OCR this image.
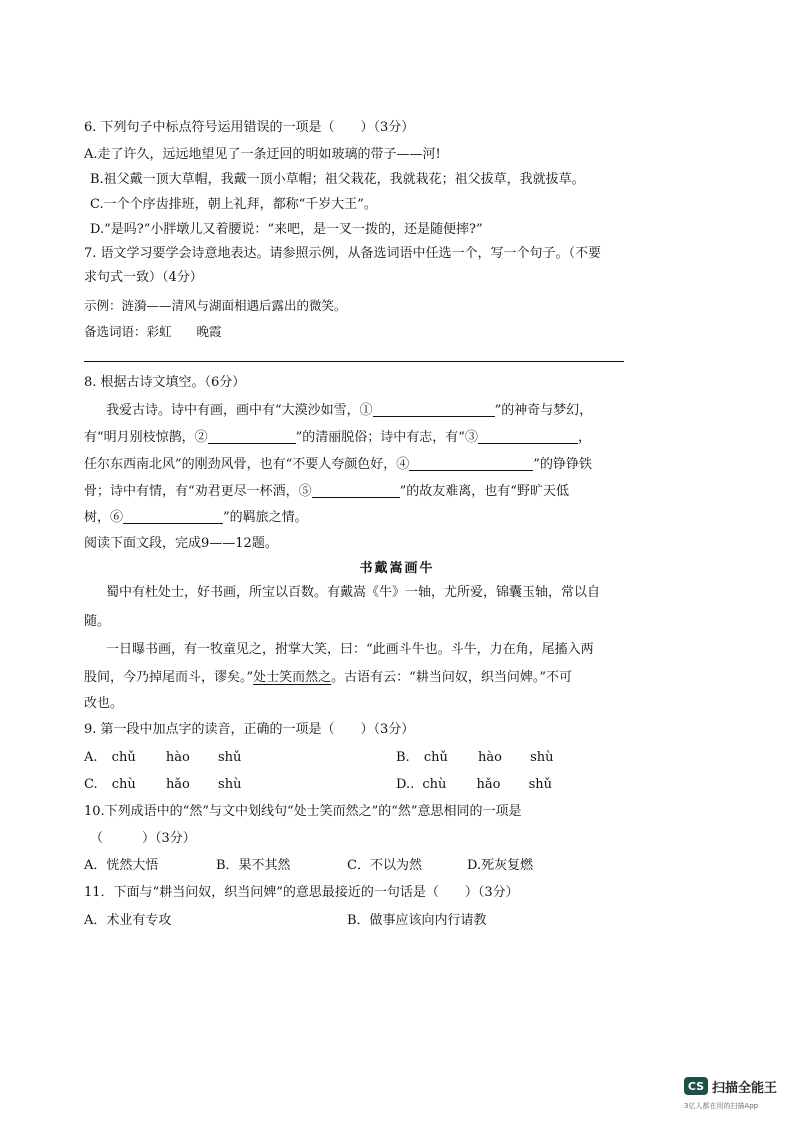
6. 下列句子中标点符号运用错误的一项是（　　）（3分）
A.走了许久，远远地望见了一条迂回的明如玻璃的带子——河!
B.祖父戴一顶大草帽，我戴一顶小草帽；祖父栽花，我就栽花；祖父拔草，我就拔草。
C.一个个序齿排班，朝上礼拜，都称“千岁大王”。
D.“是吗?”小胖墩儿又着腰说：“来吧，是一叉一拨的，还是随便摔?”
7. 语文学习要学会诗意地表达。请参照示例，从备选词语中任选一个，写一个句子。（不要
求句式一致）（4分）
示例：涟漪——清风与湖面相遇后露出的微笑。
备选词语：彩虹　　晚霞
8. 根据古诗文填空。（6分）
我爱古诗。诗中有画，画中有“大漠沙如雪，①	”的神奇与梦幻，
有“明月别枝惊鹊，②	”的清丽脱俗；诗中有志，有“③	，
任尔东西南北风”的刚劲风骨，也有“不要人夸颜色好，④	”的铮铮铁
骨；诗中有情，有“劝君更尽一杯酒，⑤	”的故友难离，也有“野旷天低
树，⑥	”的羁旅之情。
阅读下面文段，完成9——12题。
书戴嵩画牛
蜀中有杜处士，好书画，所宝以百数。有戴嵩《牛》一轴，尤所爱，锦囊玉轴，常以自
随。
一日曝书画，有一牧童见之，拊掌大笑，曰：“此画斗牛也。斗牛，力在角，尾搐入两
股间，今乃掉尾而斗，谬矣。”处士笑而然之。古语有云：“耕当问奴，织当问婢。”不可
改也。
9. 第一段中加点字的读音，正确的一项是（　　）（3分）
A. chǔ hào shǔ	B. chǔ hào shù
C. chù hǎo shù	D.. chù hǎo shǔ
10.下列成语中的“然”与文中划线句“处士笑而然之”的“然”意思相同的一项是
（　　　）（3分）
A．恍然大悟	B．果不其然	C．不以为然	D.死灰复燃
11．下面与“耕当问奴，织当问婢”的意思最接近的一句话是（　　）（3分）
A．术业有专攻	B．做事应该向内行请教
CS 扫描全能王
3亿人都在用的扫描App
